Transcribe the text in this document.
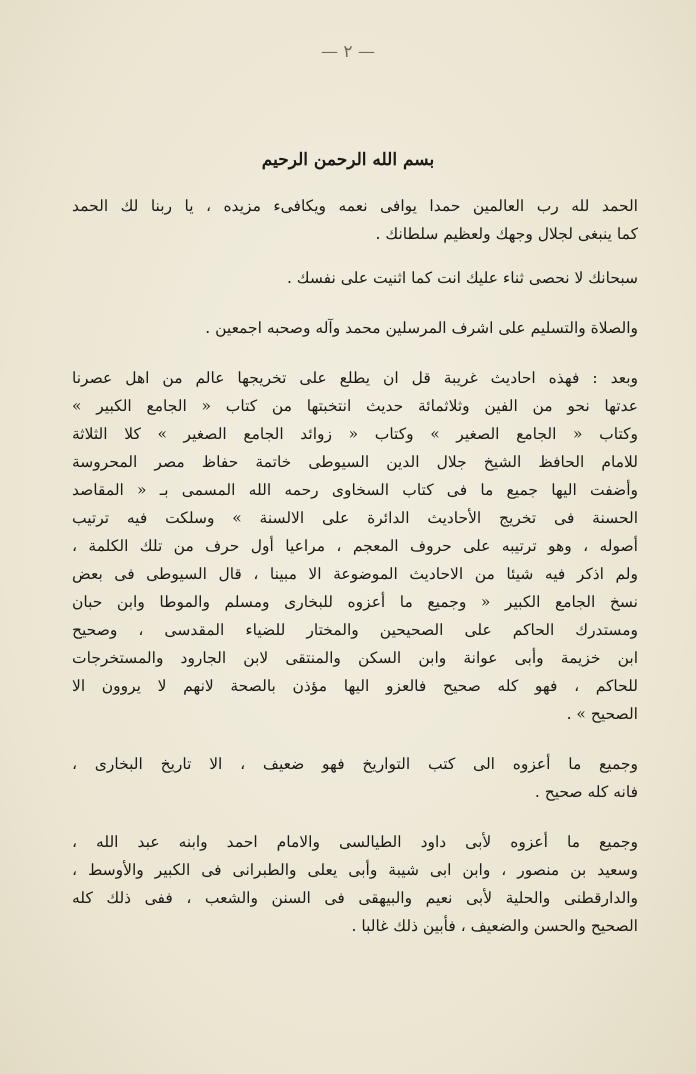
— ٢ —
بسم الله الرحمن الرحيم
الحمد لله رب العالمين حمدا يوافى نعمه ويكافىء مزيده ، يا ربنا لك الحمد
كما ينبغى لجلال وجهك ولعظيم سلطانك .
سبحانك لا نحصى ثناء عليك انت كما اثنيت على نفسك .
والصلاة والتسليم على اشرف المرسلين محمد وآله وصحبه اجمعين .
وبعد : فهذه احاديث غريبة قل ان يطلع على تخريجها عالم من اهل عصرنا
عدتها نحو من الفين وثلاثمائة حديث انتخبتها من كتاب « الجامع الكبير »
وكتاب « الجامع الصغير » وكتاب « زوائد الجامع الصغير » كلا الثلاثة
للامام الحافظ الشيخ جلال الدين السيوطى خاتمة حفاظ مصر المحروسة
وأضفت اليها جميع ما فى كتاب السخاوى رحمه الله المسمى بـ « المقاصد
الحسنة فى تخريج الأحاديث الدائرة على الالسنة » وسلكت فيه ترتيب
أصوله ، وهو ترتيبه على حروف المعجم ، مراعيا أول حرف من تلك الكلمة ،
ولم اذكر فيه شيئا من الاحاديث الموضوعة الا مبينا ، قال السيوطى فى بعض
نسخ الجامع الكبير « وجميع ما أعزوه للبخارى ومسلم والموطا وابن حبان
ومستدرك الحاكم على الصحيحين والمختار للضياء المقدسى ، وصحيح
ابن خزيمة وأبى عوانة وابن السكن والمنتقى لابن الجارود والمستخرجات
للحاكم ، فهو كله صحيح فالعزو اليها مؤذن بالصحة لانهم لا يروون الا
الصحيح » .
وجميع ما أعزوه الى كتب التواريخ فهو ضعيف ، الا تاريخ البخارى ،
فانه كله صحيح .
وجميع ما أعزوه لأبى داود الطيالسى والامام احمد وابنه عبد الله ،
وسعيد بن منصور ، وابن ابى شيبة وأبى يعلى والطبرانى فى الكبير والأوسط ،
والدارقطنى والحلية لأبى نعيم والبيهقى فى السنن والشعب ، ففى ذلك كله
الصحيح والحسن والضعيف ، فأبين ذلك غالبا .
